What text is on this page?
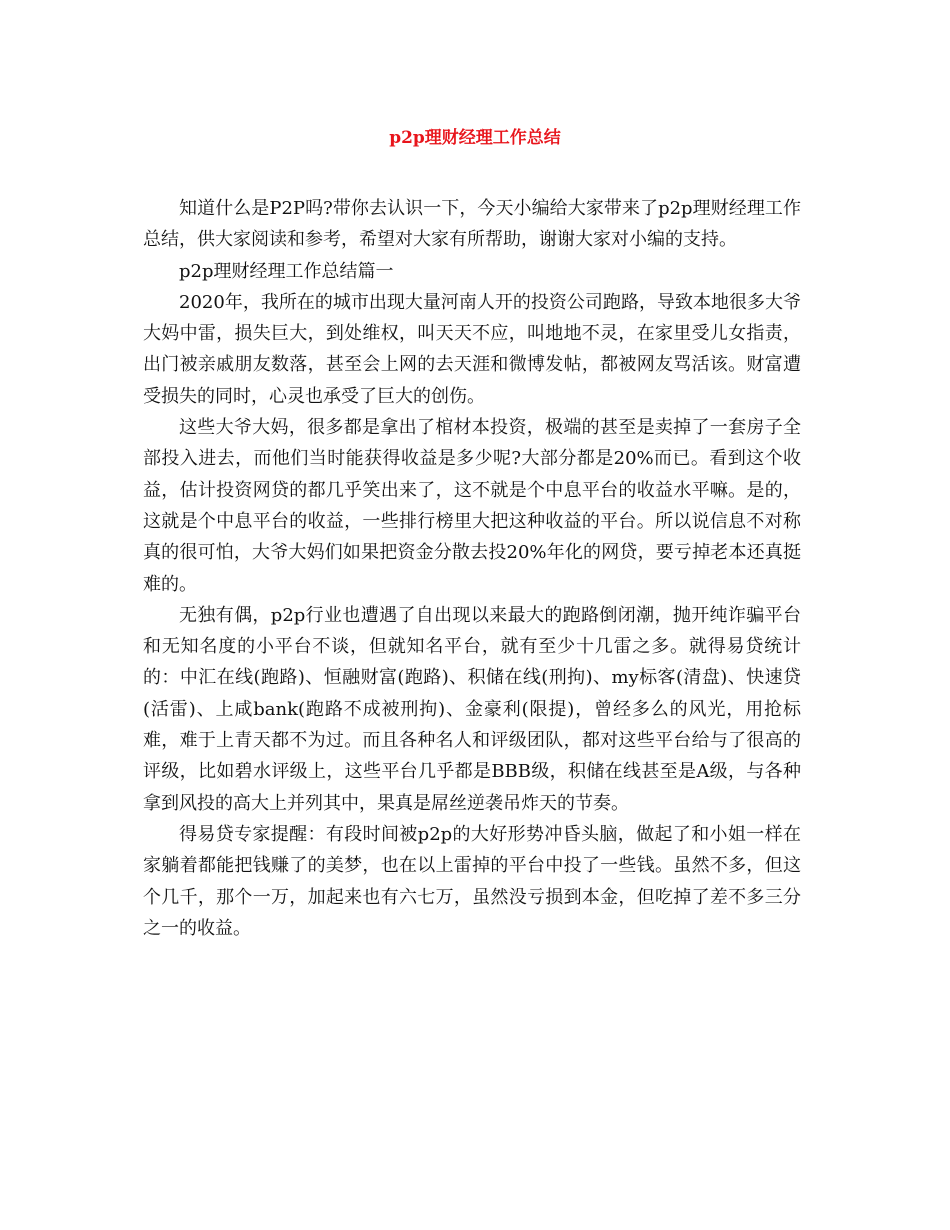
p2p理财经理工作总结

知道什么是P2P吗?带你去认识一下，今天小编给大家带来了p2p理财经理工作总结，供大家阅读和参考，希望对大家有所帮助，谢谢大家对小编的支持。

p2p理财经理工作总结篇一

2020年，我所在的城市出现大量河南人开的投资公司跑路，导致本地很多大爷大妈中雷，损失巨大，到处维权，叫天天不应，叫地地不灵，在家里受儿女指责，出门被亲戚朋友数落，甚至会上网的去天涯和微博发帖，都被网友骂活该。财富遭受损失的同时，心灵也承受了巨大的创伤。

这些大爷大妈，很多都是拿出了棺材本投资，极端的甚至是卖掉了一套房子全部投入进去，而他们当时能获得收益是多少呢?大部分都是20%而已。看到这个收益，估计投资网贷的都几乎笑出来了，这不就是个中息平台的收益水平嘛。是的，这就是个中息平台的收益，一些排行榜里大把这种收益的平台。所以说信息不对称真的很可怕，大爷大妈们如果把资金分散去投20%年化的网贷，要亏掉老本还真挺难的。

无独有偶，p2p行业也遭遇了自出现以来最大的跑路倒闭潮，抛开纯诈骗平台和无知名度的小平台不谈，但就知名平台，就有至少十几雷之多。就得易贷统计的：中汇在线(跑路)、恒融财富(跑路)、积储在线(刑拘)、my标客(清盘)、快速贷(活雷)、上咸bank(跑路不成被刑拘)、金豪利(限提)，曾经多么的风光，用抢标难，难于上青天都不为过。而且各种名人和评级团队，都对这些平台给与了很高的评级，比如碧水评级上，这些平台几乎都是BBB级，积储在线甚至是A级，与各种拿到风投的高大上并列其中，果真是屌丝逆袭吊炸天的节奏。

得易贷专家提醒：有段时间被p2p的大好形势冲昏头脑，做起了和小姐一样在家躺着都能把钱赚了的美梦，也在以上雷掉的平台中投了一些钱。虽然不多，但这个几千，那个一万，加起来也有六七万，虽然没亏损到本金，但吃掉了差不多三分之一的收益。
